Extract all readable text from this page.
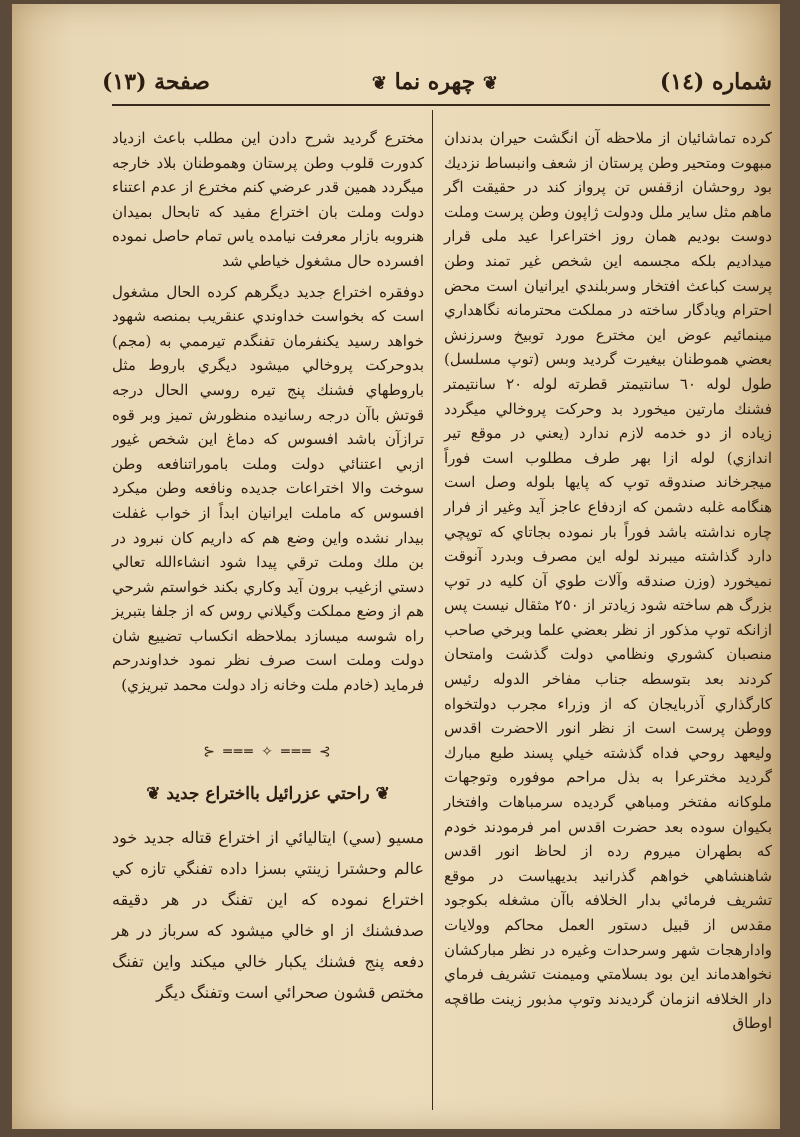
شماره (١٤)
❦ چهره نما ❦
صفحة (١٣)

کرده تماشائیان از ملاحظه آن انگشت حیران بدندان مبهوت ومتحیر وطن پرستان از شعف وانبساط نزدیك بود روحشان ازقفس تن پرواز کند در حقیقت اگر ماهم مثل سایر ملل ودولت ژاپون وطن پرست وملت دوست بودیم همان روز اختراعرا عید ملی قرار میدادیم بلکه مجسمه این شخص غیر تمند وطن پرست کباعث افتخار وسربلندي ایرانیان است محض احترام ویادگار ساخته در مملکت محترمانه نگاهداري مینمائیم عوض این مخترع مورد توبیخ وسرزنش بعضي هموطنان بیغیرت گردید وبس (توپ مسلسل) طول لوله ٦٠ سانتیمتر قطرته لوله ٢٠ سانتیمتر فشنك مارتین میخورد بد وحرکت پروخالي میگردد زیاده از دو خدمه لازم ندارد (یعني در موقع تیر اندازي) لوله ازا بهر طرف مطلوب است فوراً میجرخاند صندوقه توپ که پایها بلوله وصل است هنگامه غلبه دشمن که ازدفاع عاجز آید وغیر از فرار چاره نداشته باشد فوراً بار نموده بجاتاي که توپچي دارد گذاشته میبرند لوله اين مصرف وبدرد آنوقت نمیخورد (وزن صندقه وآلات طوي آن کلیه در توپ بزرگ هم ساخته شود زیادتر از ٢٥٠ مثقال نیست پس ازانکه توپ مذکور از نظر بعضي علما وبرخي صاحب منصبان کشوري ونظامي دولت گذشت وامتحان کردند بعد بتوسطه جناب مفاخر الدوله رئیس کارگذاري آذربایجان که از وزراء مجرب دولتخواه ووطن پرست است از نظر انور الاحضرت اقدس ولیعهد روحي فداه گذشته خیلي پسند طبع مبارك گردید مخترعرا به بذل مراحم موفوره وتوجهات ملوکانه مفتخر ومباهي گردیده سرمباهات وافتخار بکیوان سوده بعد حضرت اقدس امر فرمودند خودم که بطهران میروم رده از لحاظ انور اقدس شاهنشاهي خواهم گذرانید بدیهیاست در موقع تشریف فرمائي بدار الخلافه باآن مشغله بکوجود مقدس از قبیل دستور العمل محاکم وولایات وادارهجات شهر وسرحدات وغیره در نظر مبارکشان نخواهدماند این بود بسلامتي ومیمنت تشریف فرماي دار الخلافه انزمان گردیدند وتوپ مذبور زینت طاقچه اوطاق

مخترع گردید شرح دادن این مطلب باعث ازدیاد کدورت قلوب وطن پرستان وهموطنان بلاد خارجه میگردد همین قدر عرضي کنم مخترع از عدم اعتناء دولت وملت بان اختراع مفید که تابحال بمیدان هنروبه بازار معرفت نیامده یاس تمام حاصل نموده افسرده حال مشغول خیاطي شد

دوفقره اختراع جدید دیگرهم کرده الحال مشغول است که بخواست خداوندي عنقریب بمنصه شهود خواهد رسید یکنفرمان تفنگدم تیرممي به (مجم) بدوحرکت پروخالي میشود دیگري باروط مثل باروطهاي فشنك پنج تیره روسي الحال درجه قوتش باآن درجه رسانیده منظورش تمیز وبر قوه ترازآن باشد افسوس که دماغ این شخص غیور ازبي اعتنائي دولت وملت باموراتنافعه وطن سوخت والا اختراعات جدیده ونافعه وطن میکرد افسوس که ماملت ایرانیان ابداً از خواب غفلت بیدار نشده واین وضع هم که داریم کان نبرود در بن ملك وملت ترقي پیدا شود انشاءالله تعالي دستي ازغیب برون آید وکاري بکند خواستم شرحي هم از وضع مملکت وگیلاني روس که از جلفا بتبریز راه شوسه میسازد بملاحظه انکساب تضییع شان دولت وملت است صرف نظر نمود خداوندرحم فرماید (خادم ملت وخانه زاد دولت محمد تبریزي)

⊱ ═══ ✧ ═══ ⊰
❦ راحتي عزرائیل بااختراع جدید ❦

مسیو (سي) ایتالیائي از اختراع قتاله جدید خود عالم وحشترا زینتي بسزا داده تفنگي تازه كي اختراع نموده كه این تفنگ در هر دقیقه صدفشنك از او خالي میشود كه سرباز در هر دفعه پنج فشنك یکبار خالي میکند واین تفنگ مختص قشون صحرائي است وتفنگ دیگر
